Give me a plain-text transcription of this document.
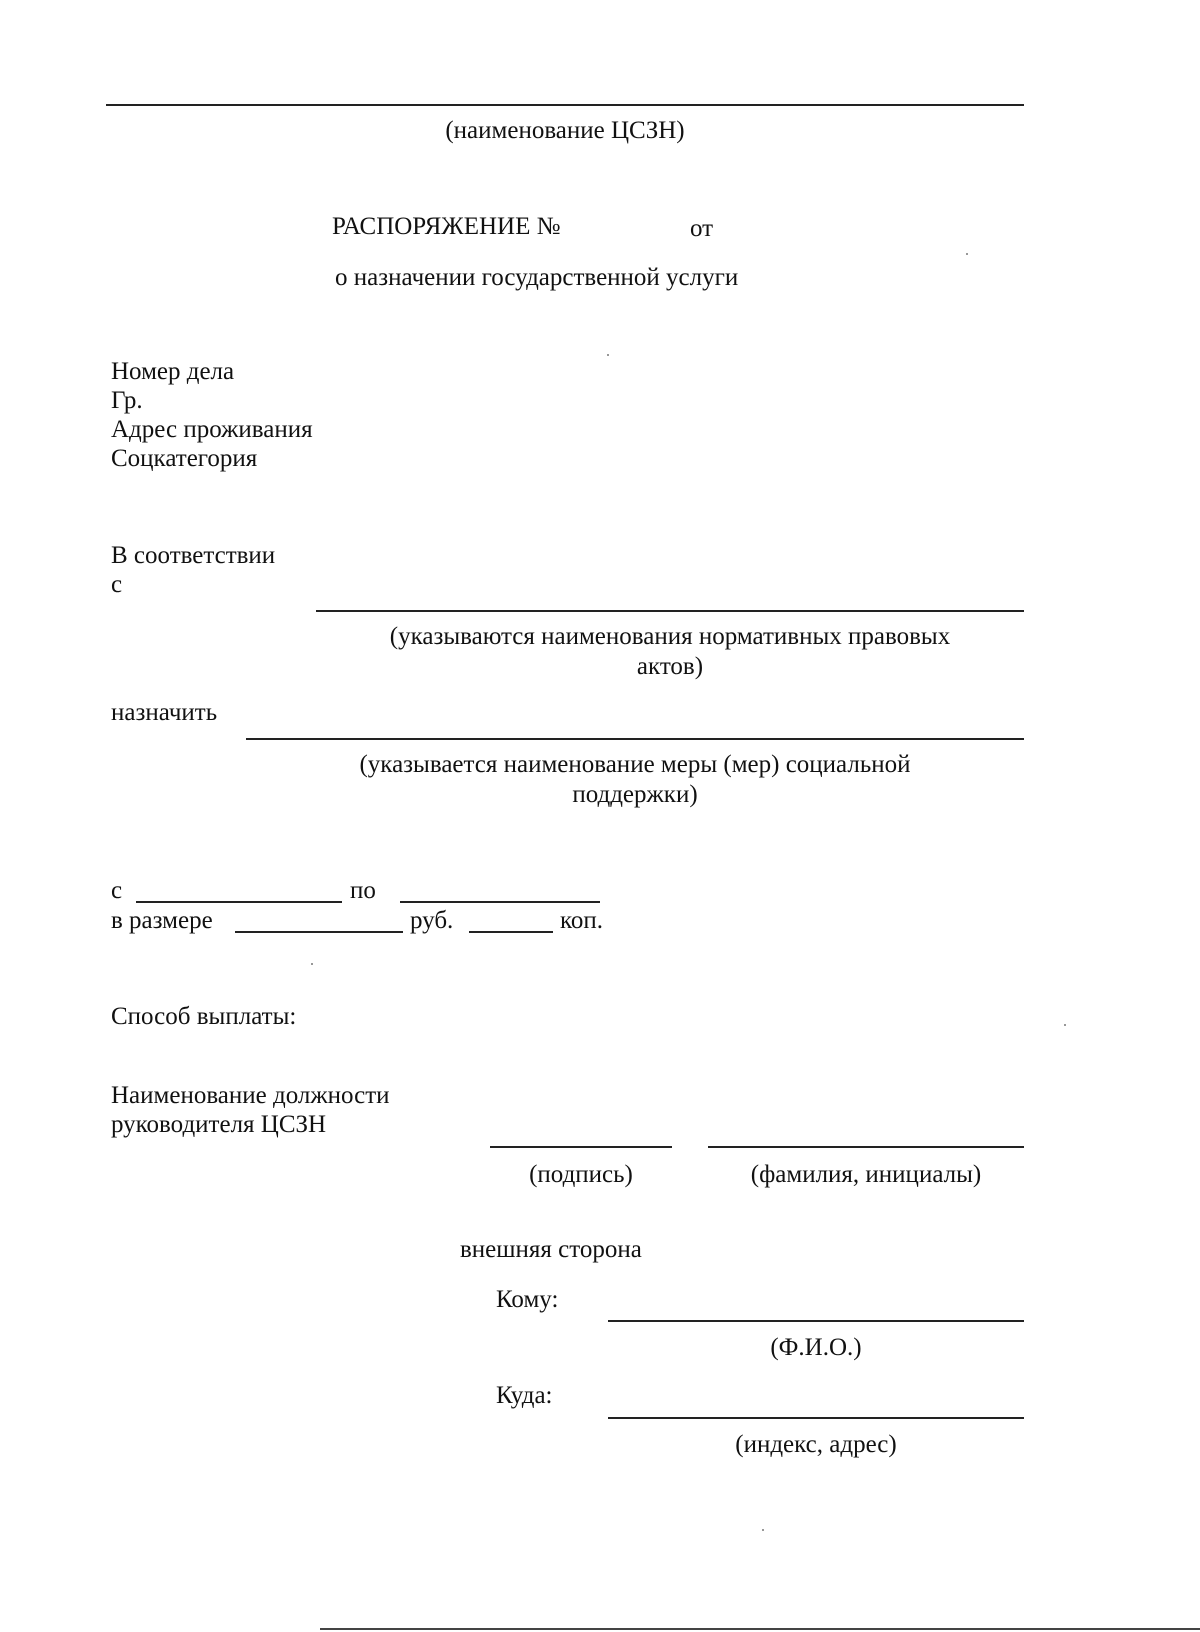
(наименование ЦСЗН)
РАСПОРЯЖЕНИЕ №	от
о назначении государственной услуги
Номер дела
Гр.
Адрес проживания
Соцкатегория
В соответствии
с
(указываются наименования нормативных правовых
актов)
назначить
(указывается наименование меры (мер) социальной
поддержки)
с	по
в размере	руб.	коп.
Способ выплаты:
Наименование должности
руководителя ЦСЗН
(подпись)	(фамилия, инициалы)
внешняя сторона
Кому:
(Ф.И.О.)
Куда:
(индекс, адрес)
